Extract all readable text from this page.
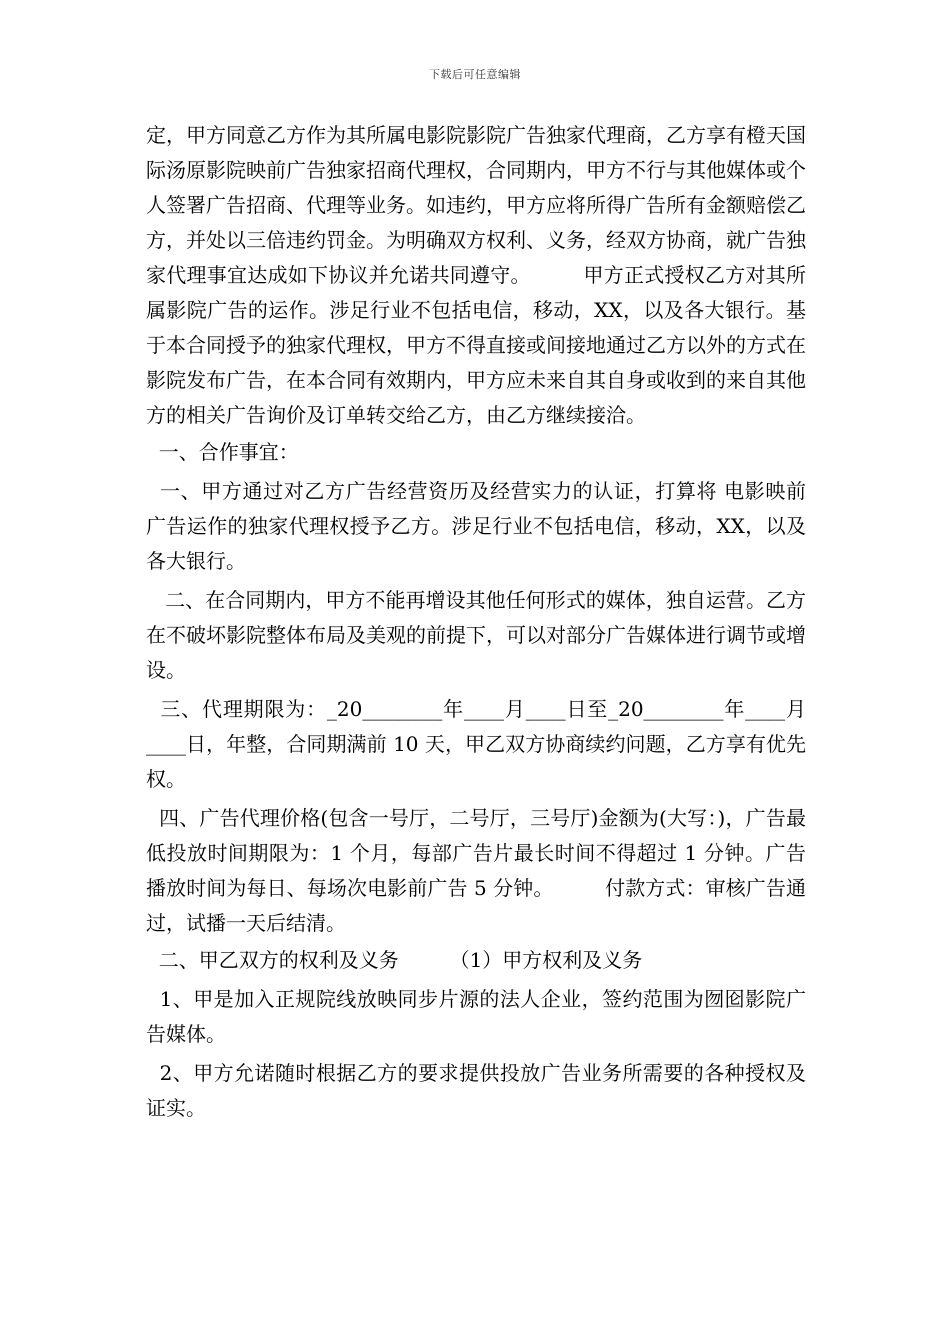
下载后可任意编辑

定，甲方同意乙方作为其所属电影院影院广告独家代理商，乙方享有橙天国际汤原影院映前广告独家招商代理权，合同期内，甲方不行与其他媒体或个人签署广告招商、代理等业务。如违约，甲方应将所得广告所有金额赔偿乙方，并处以三倍违约罚金。为明确双方权利、义务，经双方协商，就广告独家代理事宜达成如下协议并允诺共同遵守。        甲方正式授权乙方对其所属影院广告的运作。涉足行业不包括电信，移动，XX，以及各大银行。基于本合同授予的独家代理权，甲方不得直接或间接地通过乙方以外的方式在影院发布广告，在本合同有效期内，甲方应未来自其自身或收到的来自其他方的相关广告询价及订单转交给乙方，由乙方继续接洽。

一、合作事宜：

一、甲方通过对乙方广告经营资历及经营实力的认证，打算将 电影映前 广告运作的独家代理权授予乙方。涉足行业不包括电信，移动，XX，以及各大银行。

二、在合同期内，甲方不能再增设其他任何形式的媒体，独自运营。乙方在不破坏影院整体布局及美观的前提下，可以对部分广告媒体进行调节或增设。

三、代理期限为：_20________年____月____日至_20________年____月____日，年整，合同期满前 10 天，甲乙双方协商续约问题，乙方享有优先权。

四、广告代理价格(包含一号厅，二号厅，三号厅)金额为(大写：)，广告最低投放时间期限为：1 个月，每部广告片最长时间不得超过 1 分钟。广告播放时间为每日、每场次电影前广告 5 分钟。        付款方式：审核广告通过，试播一天后结清。

二、甲乙双方的权利及义务        （1）甲方权利及义务

1、甲是加入正规院线放映同步片源的法人企业，签约范围为囫囵影院广告媒体。

2、甲方允诺随时根据乙方的要求提供投放广告业务所需要的各种授权及证实。
